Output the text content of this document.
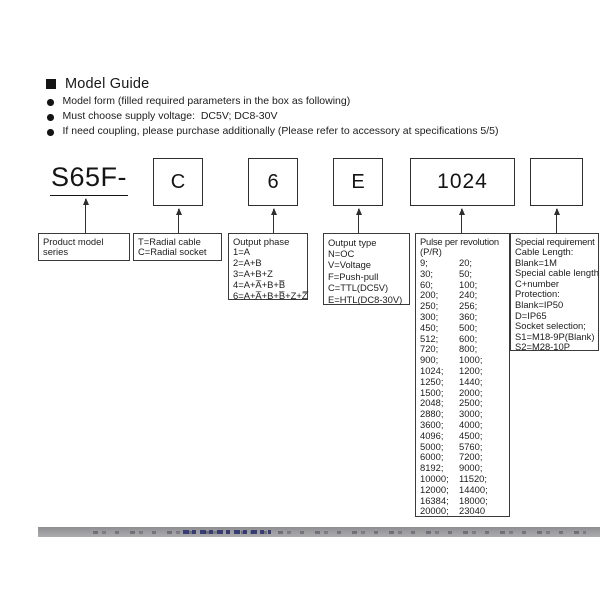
Model Guide
Model form (filled required parameters in the box as following)
Must choose supply voltage:  DC5V; DC8-30V
If need coupling, please purchase additionally (Please refer to accessory at specifications 5/5)
S65F-	C	6	E	1024
Product model
series
T=Radial cable
C=Radial socket
Output phase
1=A
2=A+B
3=A+B+Z
4=A+A̅+B+B̅
6=A+A̅+B+B̅+Z+Z̅
Output type
N=OC
V=Voltage
F=Push-pull
C=TTL(DC5V)
E=HTL(DC8-30V)
Pulse per revolution
(P/R)
9;	20;
30;	50;
60;	100;
200;	240;
250;	256;
300;	360;
450;	500;
512;	600;
720;	800;
900;	1000;
1024;	1200;
1250;	1440;
1500;	2000;
2048;	2500;
2880;	3000;
3600;	4000;
4096;	4500;
5000;	5760;
6000;	7200;
8192;	9000;
10000;	11520;
12000;	14400;
16384;	18000;
20000;	23040
Special requirement
Cable Length:
Blank=1M
Special cable length
C+number
Protection:
Blank=IP50
D=IP65
Socket selection;
S1=M18-9P(Blank)
S2=M28-10P
